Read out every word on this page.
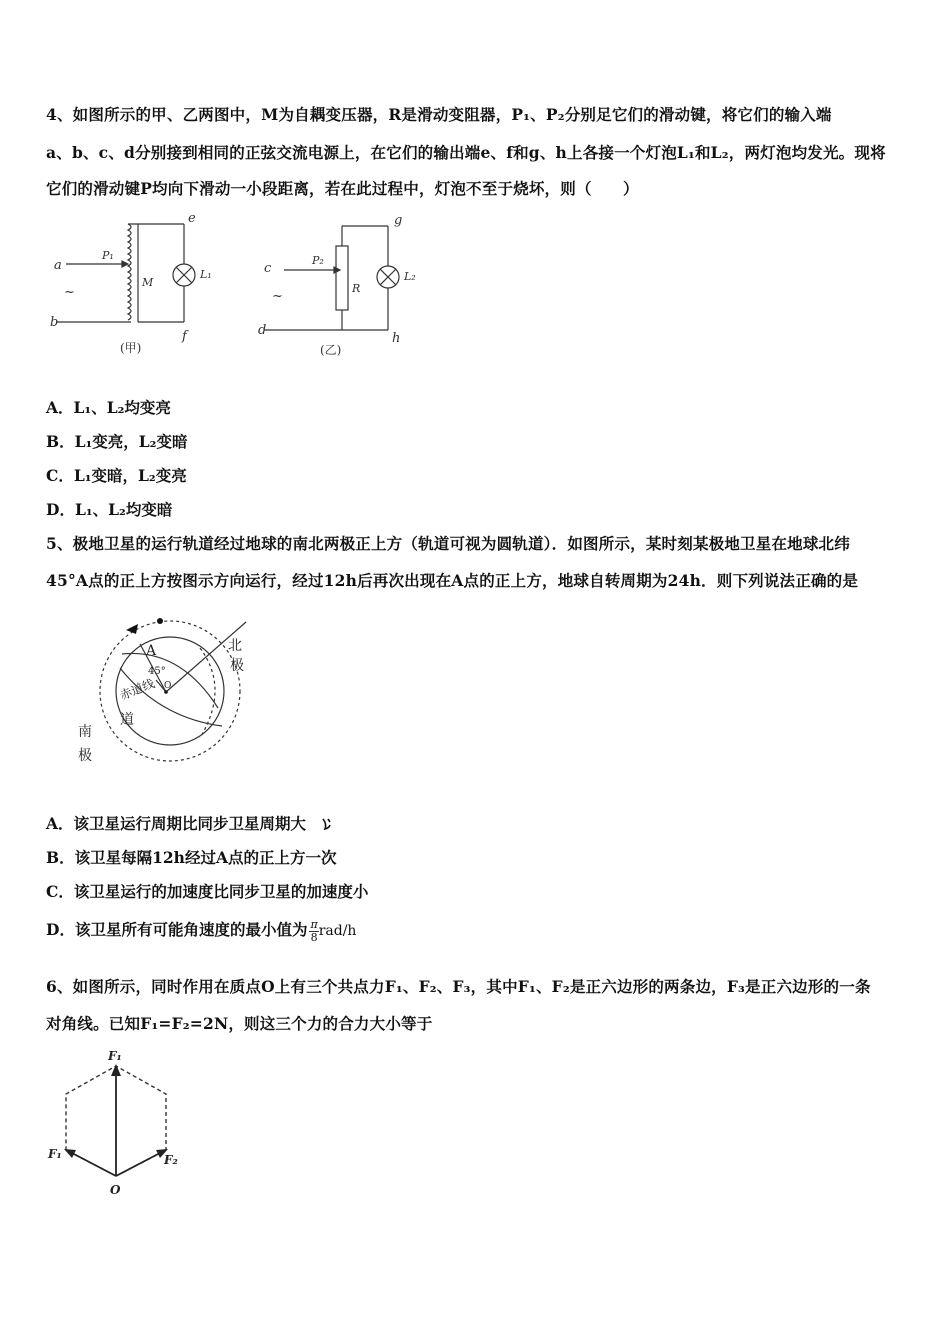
4、如图所示的甲、乙两图中，M为自耦变压器，R是滑动变阻器，P₁、P₂分别足它们的滑动键，将它们的输入端
a、b、c、d分别接到相同的正弦交流电源上，在它们的输出端e、f和g、h上各接一个灯泡L₁和L₂，两灯泡均发光。现将
它们的滑动键P均向下滑动一小段距离，若在此过程中，灯泡不至于烧坏，则（　　）
a
b
e
f
P₁
M
L₁
~
(甲)
c
d
g
h
P₂
R
L₂
~
(乙)
A．L₁、L₂均变亮
B．L₁变亮，L₂变暗
C．L₁变暗，L₂变亮
D．L₁、L₂均变暗
5、极地卫星的运行轨道经过地球的南北两极正上方（轨道可视为圆轨道）．如图所示，某时刻某极地卫星在地球北纬
45°A点的正上方按图示方向运行，经过12h后再次出现在A点的正上方，地球自转周期为24h．则下列说法正确的是
A
45°
O
赤道线
道
北
极
南
极
A．该卫星运行周期比同步卫星周期大
B．该卫星每隔12h经过A点的正上方一次
C．该卫星运行的加速度比同步卫星的加速度小
D．该卫星所有可能角速度的最小值为 $\frac{\pi}{8} rad/h$
6、如图所示，同时作用在质点O上有三个共点力F₁、F₂、F₃，其中F₁、F₂是正六边形的两条边，F₃是正六边形的一条
对角线。已知F₁=F₂=2N，则这三个力的合力大小等于
F₁
F₁	F₂
O
